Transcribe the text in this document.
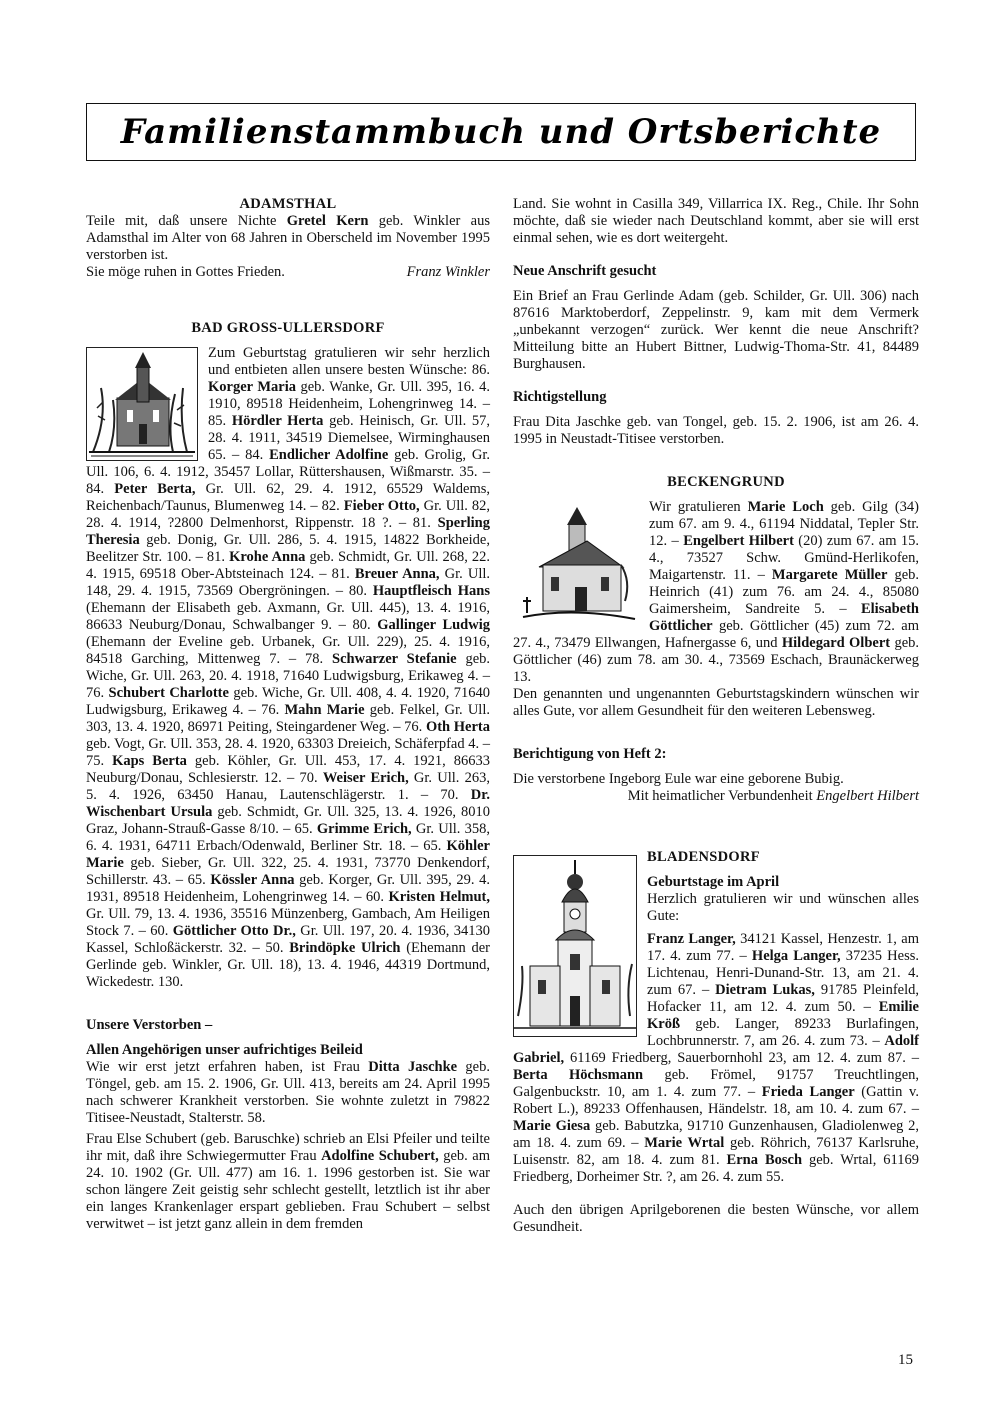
Familienstammbuch und Ortsberichte
ADAMSTHAL

Teile mit, daß unsere Nichte Gretel Kern geb. Winkler aus Adamsthal im Alter von 68 Jahren in Oberscheld im November 1995 verstorben ist.

Sie möge ruhen in Gottes Frieden.	Franz Winkler
BAD GROSS-ULLERSDORF

Zum Geburtstag gratulieren wir sehr herzlich und entbieten allen unsere besten Wünsche: 86. Korger Maria geb. Wanke, Gr. Ull. 395, 16. 4. 1910, 89518 Heidenheim, Lohengrinweg 14. – 85. Hördler Herta geb. Heinisch, Gr. Ull. 57, 28. 4. 1911, 34519 Diemelsee, Wirminghausen 65. – 84. Endlicher Adolfine geb. Grolig, Gr. Ull. 106, 6. 4. 1912, 35457 Lollar, Rüttershausen, Wißmarstr. 35. – 84. Peter Berta, Gr. Ull. 62, 29. 4. 1912, 65529 Waldems, Reichenbach/Taunus, Blumenweg 14. – 82. Fieber Otto, Gr. Ull. 82, 28. 4. 1914, ?2800 Delmenhorst, Rippenstr. 18 ?. – 81. Sperling Theresia geb. Donig, Gr. Ull. 286, 5. 4. 1915, 14822 Borkheide, Beelitzer Str. 100. – 81. Krohe Anna geb. Schmidt, Gr. Ull. 268, 22. 4. 1915, 69518 Ober-Abtsteinach 124. – 81. Breuer Anna, Gr. Ull. 148, 29. 4. 1915, 73569 Obergröningen. – 80. Hauptfleisch Hans (Ehemann der Elisabeth geb. Axmann, Gr. Ull. 445), 13. 4. 1916, 86633 Neuburg/Donau, Schwalbanger 9. – 80. Gallinger Ludwig (Ehemann der Eveline geb. Urbanek, Gr. Ull. 229), 25. 4. 1916, 84518 Garching, Mittenweg 7. – 78. Schwarzer Stefanie geb. Wiche, Gr. Ull. 263, 20. 4. 1918, 71640 Ludwigsburg, Erikaweg 4. – 76. Schubert Charlotte geb. Wiche, Gr. Ull. 408, 4. 4. 1920, 71640 Ludwigsburg, Erikaweg 4. – 76. Mahn Marie geb. Felkel, Gr. Ull. 303, 13. 4. 1920, 86971 Peiting, Steingardener Weg. – 76. Oth Herta geb. Vogt, Gr. Ull. 353, 28. 4. 1920, 63303 Dreieich, Schäferpfad 4. – 75. Kaps Berta geb. Köhler, Gr. Ull. 453, 17. 4. 1921, 86633 Neuburg/Donau, Schlesierstr. 12. – 70. Weiser Erich, Gr. Ull. 263, 5. 4. 1926, 63450 Hanau, Lautenschlägerstr. 1. – 70. Dr. Wischenbart Ursula geb. Schmidt, Gr. Ull. 325, 13. 4. 1926, 8010 Graz, Johann-Strauß-Gasse 8/10. – 65. Grimme Erich, Gr. Ull. 358, 6. 4. 1931, 64711 Erbach/Odenwald, Berliner Str. 18. – 65. Köhler Marie geb. Sieber, Gr. Ull. 322, 25. 4. 1931, 73770 Denkendorf, Schillerstr. 43. – 65. Kössler Anna geb. Korger, Gr. Ull. 395, 29. 4. 1931, 89518 Heidenheim, Lohengrinweg 14. – 60. Kristen Helmut, Gr. Ull. 79, 13. 4. 1936, 35516 Münzenberg, Gambach, Am Heiligen Stock 7. – 60. Göttlicher Otto Dr., Gr. Ull. 197, 20. 4. 1936, 34130 Kassel, Schloßäckerstr. 32. – 50. Brindöpke Ulrich (Ehemann der Gerlinde geb. Winkler, Gr. Ull. 18), 13. 4. 1946, 44319 Dortmund, Wickedestr. 130.

Unsere Verstorben –
Allen Angehörigen unser aufrichtiges Beileid

Wie wir erst jetzt erfahren haben, ist Frau Ditta Jaschke geb. Töngel, geb. am 15. 2. 1906, Gr. Ull. 413, bereits am 24. April 1995 nach schwerer Krankheit verstorben. Sie wohnte zuletzt in 79822 Titisee-Neustadt, Stalterstr. 58.

Frau Else Schubert (geb. Baruschke) schrieb an Elsi Pfeiler und teilte ihr mit, daß ihre Schwiegermutter Frau Adolfine Schubert, geb. am 24. 10. 1902 (Gr. Ull. 477) am 16. 1. 1996 gestorben ist. Sie war schon längere Zeit geistig sehr schlecht gestellt, letztlich ist ihr aber ein langes Krankenlager erspart geblieben. Frau Schubert – selbst verwitwet – ist jetzt ganz allein in dem fremden

Land. Sie wohnt in Casilla 349, Villarrica IX. Reg., Chile. Ihr Sohn möchte, daß sie wieder nach Deutschland kommt, aber sie will erst einmal sehen, wie es dort weitergeht.

Neue Anschrift gesucht

Ein Brief an Frau Gerlinde Adam (geb. Schilder, Gr. Ull. 306) nach 87616 Marktoberdorf, Zeppelinstr. 9, kam mit dem Vermerk „unbekannt verzogen“ zurück. Wer kennt die neue Anschrift? Mitteilung bitte an Hubert Bittner, Ludwig-Thoma-Str. 41, 84489 Burghausen.

Richtigstellung

Frau Dita Jaschke geb. van Tongel, geb. 15. 2. 1906, ist am 26. 4. 1995 in Neustadt-Titisee verstorben.

BECKENGRUND

Wir gratulieren Marie Loch geb. Gilg (34) zum 67. am 9. 4., 61194 Niddatal, Tepler Str. 12. – Engelbert Hilbert (20) zum 67. am 15. 4., 73527 Schw. Gmünd-Herlikofen, Maigartenstr. 11. – Margarete Müller geb. Heinrich (41) zum 76. am 24. 4., 85080 Gaimersheim, Sandreite 5. – Elisabeth Göttlicher geb. Göttlicher (45) zum 72. am 27. 4., 73479 Ellwangen, Hafnergasse 6, und Hildegard Olbert geb. Göttlicher (46) zum 78. am 30. 4., 73569 Eschach, Braunäckerweg 13.

Den genannten und ungenannten Geburtstagskindern wünschen wir alles Gute, vor allem Gesundheit für den weiteren Lebensweg.

Berichtigung von Heft 2:

Die verstorbene Ingeborg Eule war eine geborene Bubig.

Mit heimatlicher Verbundenheit Engelbert Hilbert
BLADENSDORF
Geburtstage im April

Herzlich gratulieren wir und wünschen alles Gute:

Franz Langer, 34121 Kassel, Henzestr. 1, am 17. 4. zum 77. – Helga Langer, 37235 Hess. Lichtenau, Henri-Dunand-Str. 13, am 21. 4. zum 67. – Dietram Lukas, 91785 Pleinfeld, Hofacker 11, am 12. 4. zum 50. – Emilie Kröß geb. Langer, 89233 Burlafingen, Lochbrunnerstr. 7, am 26. 4. zum 73. – Adolf Gabriel, 61169 Friedberg, Sauerbornhohl 23, am 12. 4. zum 87. – Berta Höchsmann geb. Frömel, 91757 Treuchtlingen, Galgenbuckstr. 10, am 1. 4. zum 77. – Frieda Langer (Gattin v. Robert L.), 89233 Offenhausen, Händelstr. 18, am 10. 4. zum 67. – Marie Giesa geb. Babutzka, 91710 Gunzenhausen, Gladiolenweg 2, am 18. 4. zum 69. – Marie Wrtal geb. Röhrich, 76137 Karlsruhe, Luisenstr. 82, am 18. 4. zum 81. Erna Bosch geb. Wrtal, 61169 Friedberg, Dorheimer Str. ?, am 26. 4. zum 55.

Auch den übrigen Aprilgeborenen die besten Wünsche, vor allem Gesundheit.

15
